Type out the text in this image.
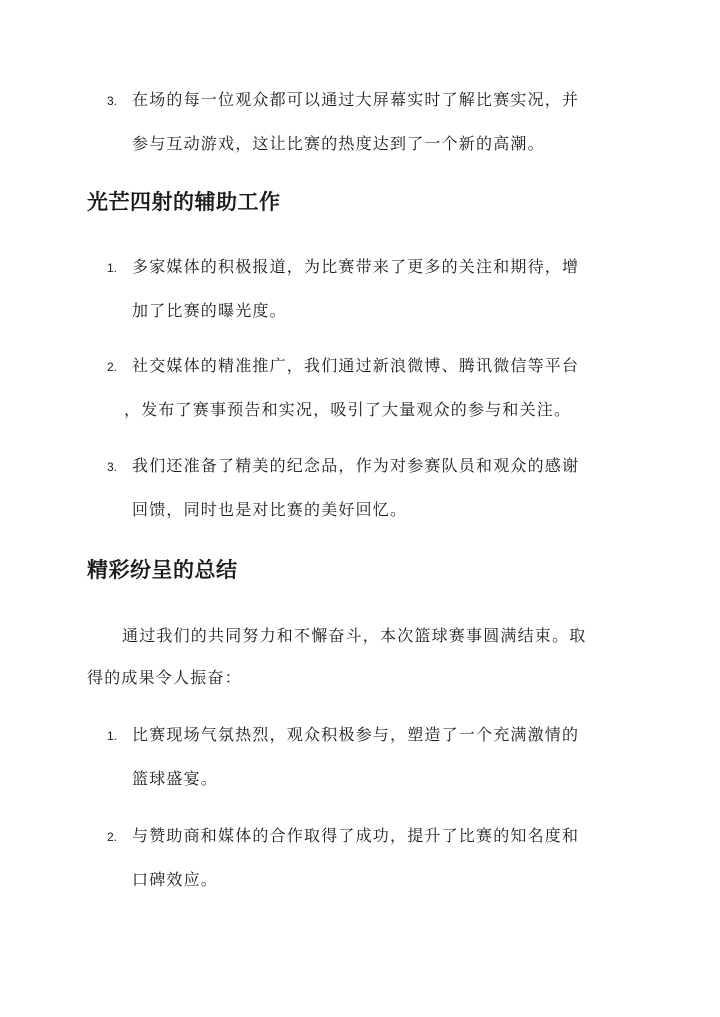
3. 在场的每一位观众都可以通过大屏幕实时了解比赛实况，并
参与互动游戏，这让比赛的热度达到了一个新的高潮。
光芒四射的辅助工作
1. 多家媒体的积极报道，为比赛带来了更多的关注和期待，增
加了比赛的曝光度。
2. 社交媒体的精准推广，我们通过新浪微博、腾讯微信等平台
，发布了赛事预告和实况，吸引了大量观众的参与和关注。
3. 我们还准备了精美的纪念品，作为对参赛队员和观众的感谢
回馈，同时也是对比赛的美好回忆。
精彩纷呈的总结
通过我们的共同努力和不懈奋斗，本次篮球赛事圆满结束。取
得的成果令人振奋：
1. 比赛现场气氛热烈，观众积极参与，塑造了一个充满激情的
篮球盛宴。
2. 与赞助商和媒体的合作取得了成功，提升了比赛的知名度和
口碑效应。
